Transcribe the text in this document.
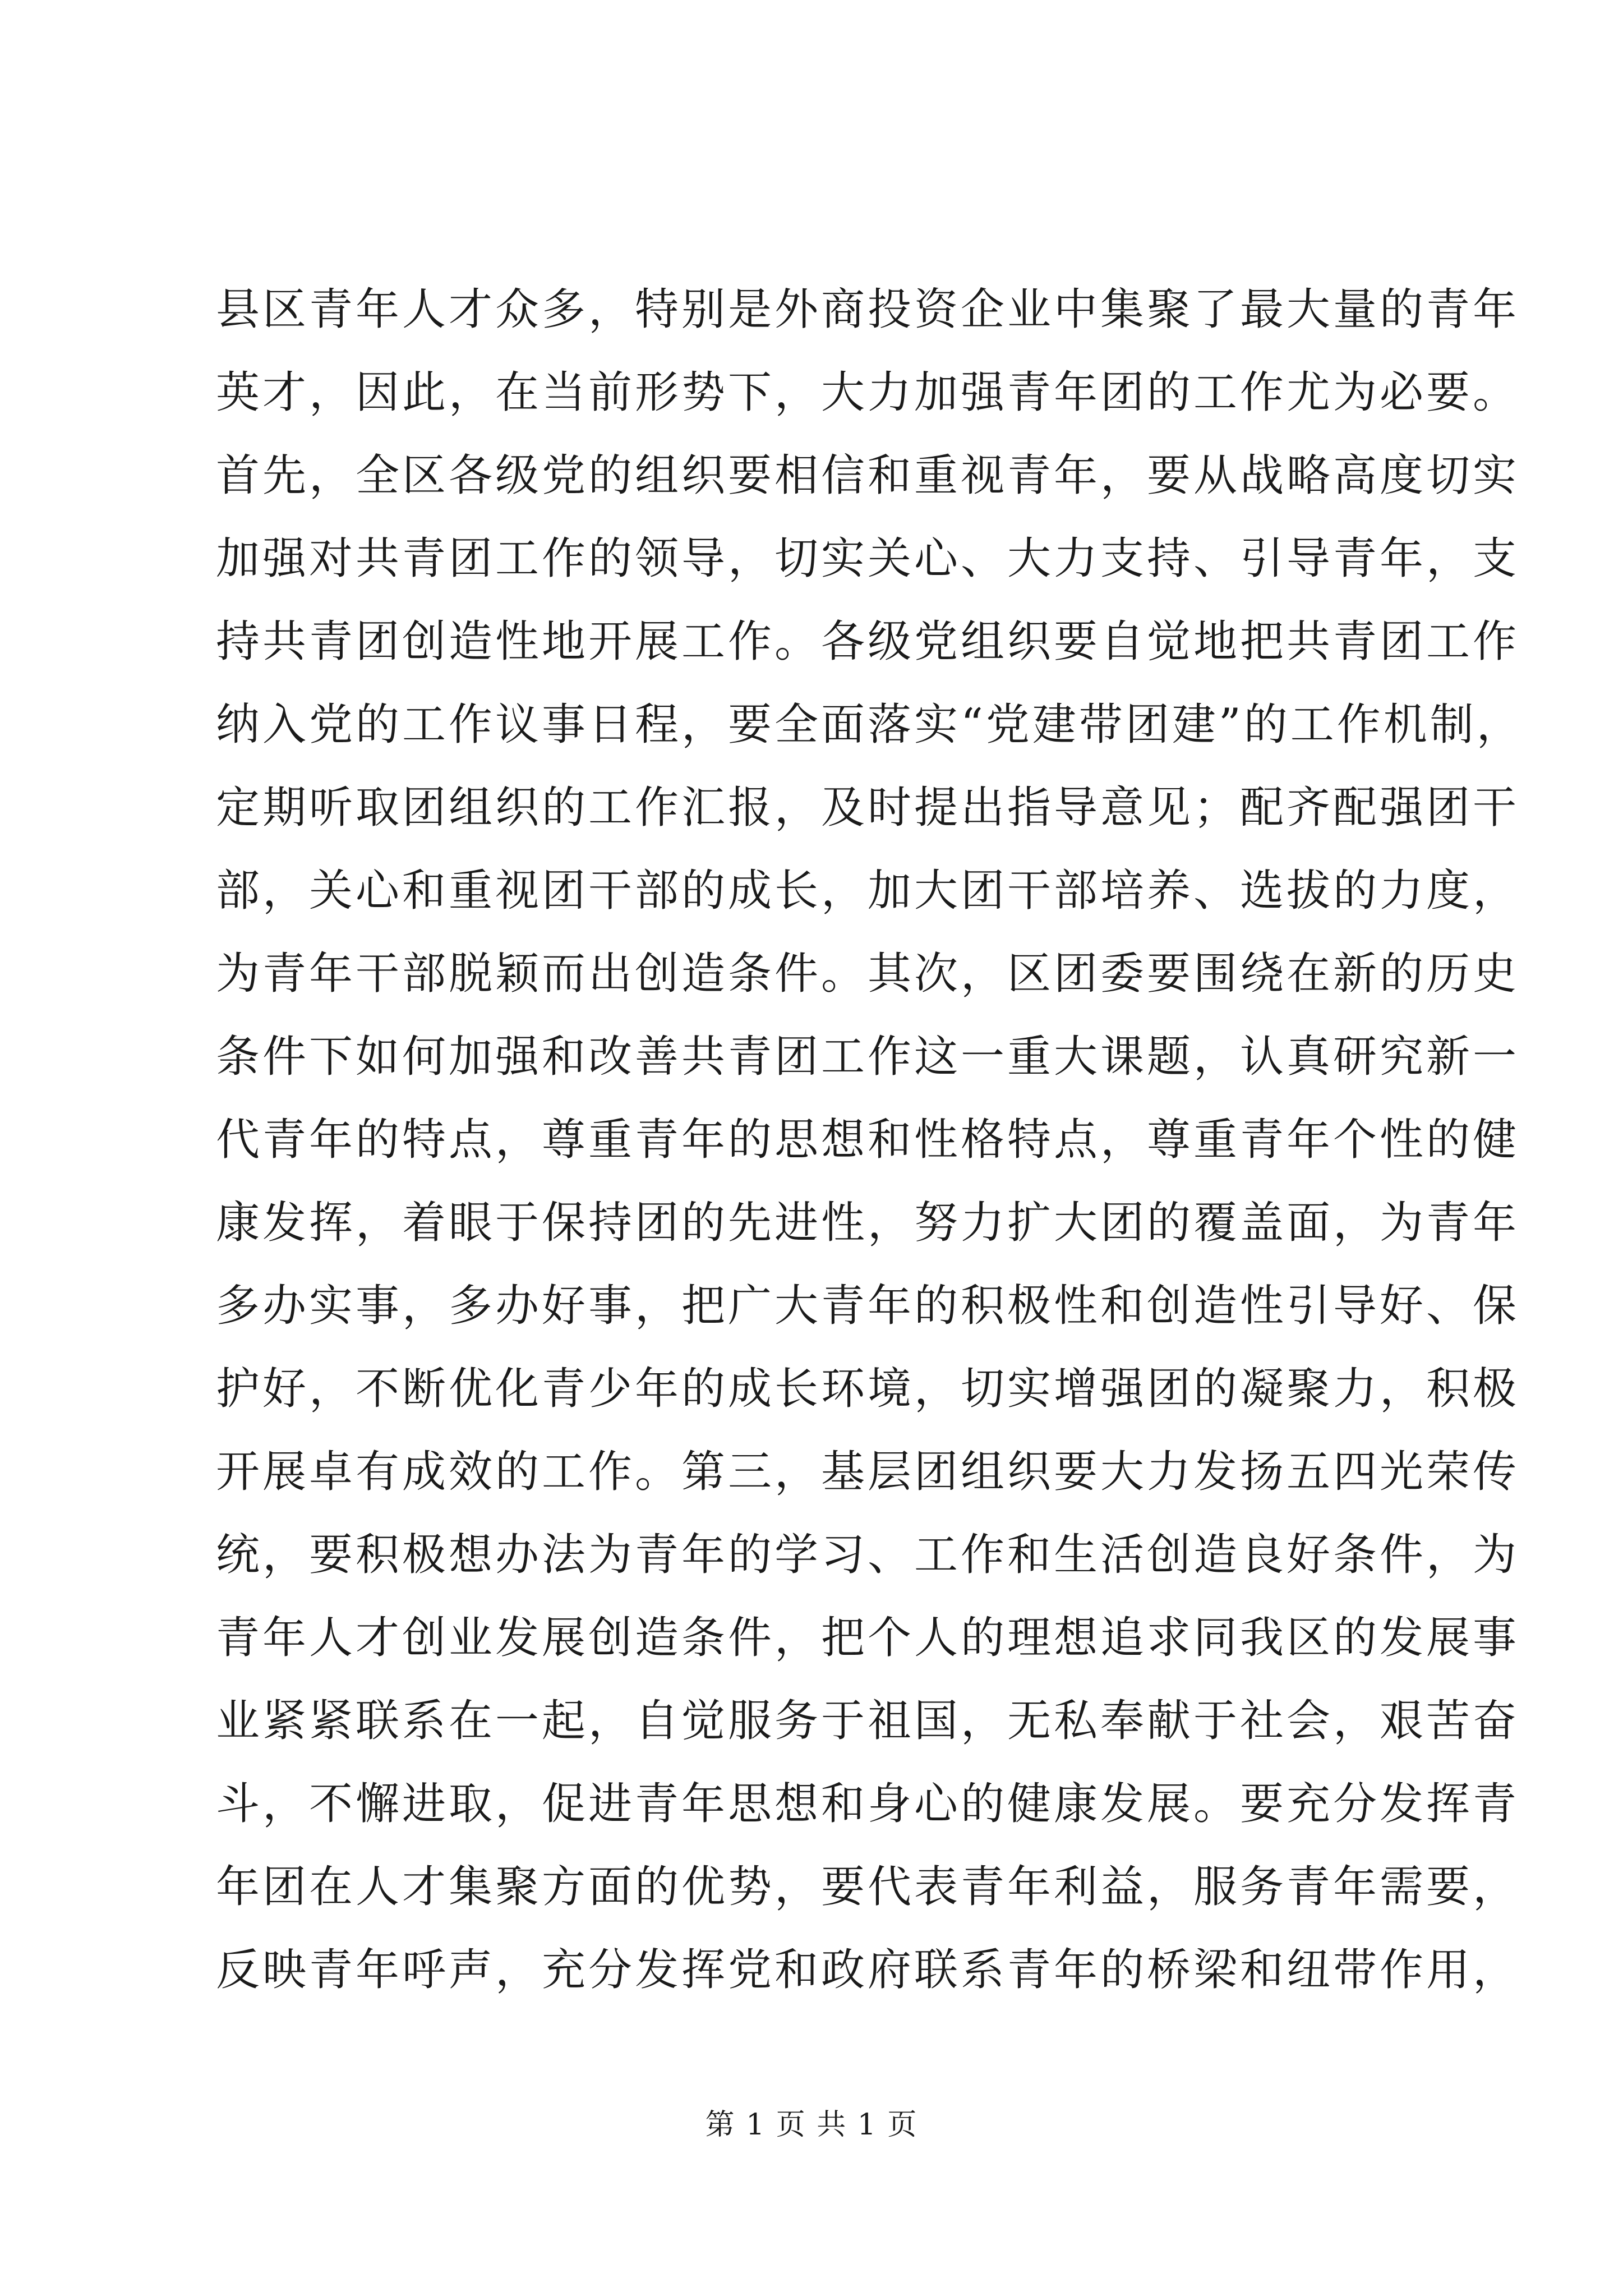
县区青年人才众多，特别是外商投资企业中集聚了最大量的青年
英才，因此，在当前形势下，大力加强青年团的工作尤为必要。
首先，全区各级党的组织要相信和重视青年，要从战略高度切实
加强对共青团工作的领导，切实关心、大力支持、引导青年，支
持共青团创造性地开展工作。各级党组织要自觉地把共青团工作
纳入党的工作议事日程，要全面落实“党建带团建”的工作机制，
定期听取团组织的工作汇报，及时提出指导意见；配齐配强团干
部，关心和重视团干部的成长，加大团干部培养、选拔的力度，
为青年干部脱颖而出创造条件。其次，区团委要围绕在新的历史
条件下如何加强和改善共青团工作这一重大课题，认真研究新一
代青年的特点，尊重青年的思想和性格特点，尊重青年个性的健
康发挥，着眼于保持团的先进性，努力扩大团的覆盖面，为青年
多办实事，多办好事，把广大青年的积极性和创造性引导好、保
护好，不断优化青少年的成长环境，切实增强团的凝聚力，积极
开展卓有成效的工作。第三，基层团组织要大力发扬五四光荣传
统，要积极想办法为青年的学习、工作和生活创造良好条件，为
青年人才创业发展创造条件，把个人的理想追求同我区的发展事
业紧紧联系在一起，自觉服务于祖国，无私奉献于社会，艰苦奋
斗，不懈进取，促进青年思想和身心的健康发展。要充分发挥青
年团在人才集聚方面的优势，要代表青年利益，服务青年需要，
反映青年呼声，充分发挥党和政府联系青年的桥梁和纽带作用，
第 1 页 共 1 页
